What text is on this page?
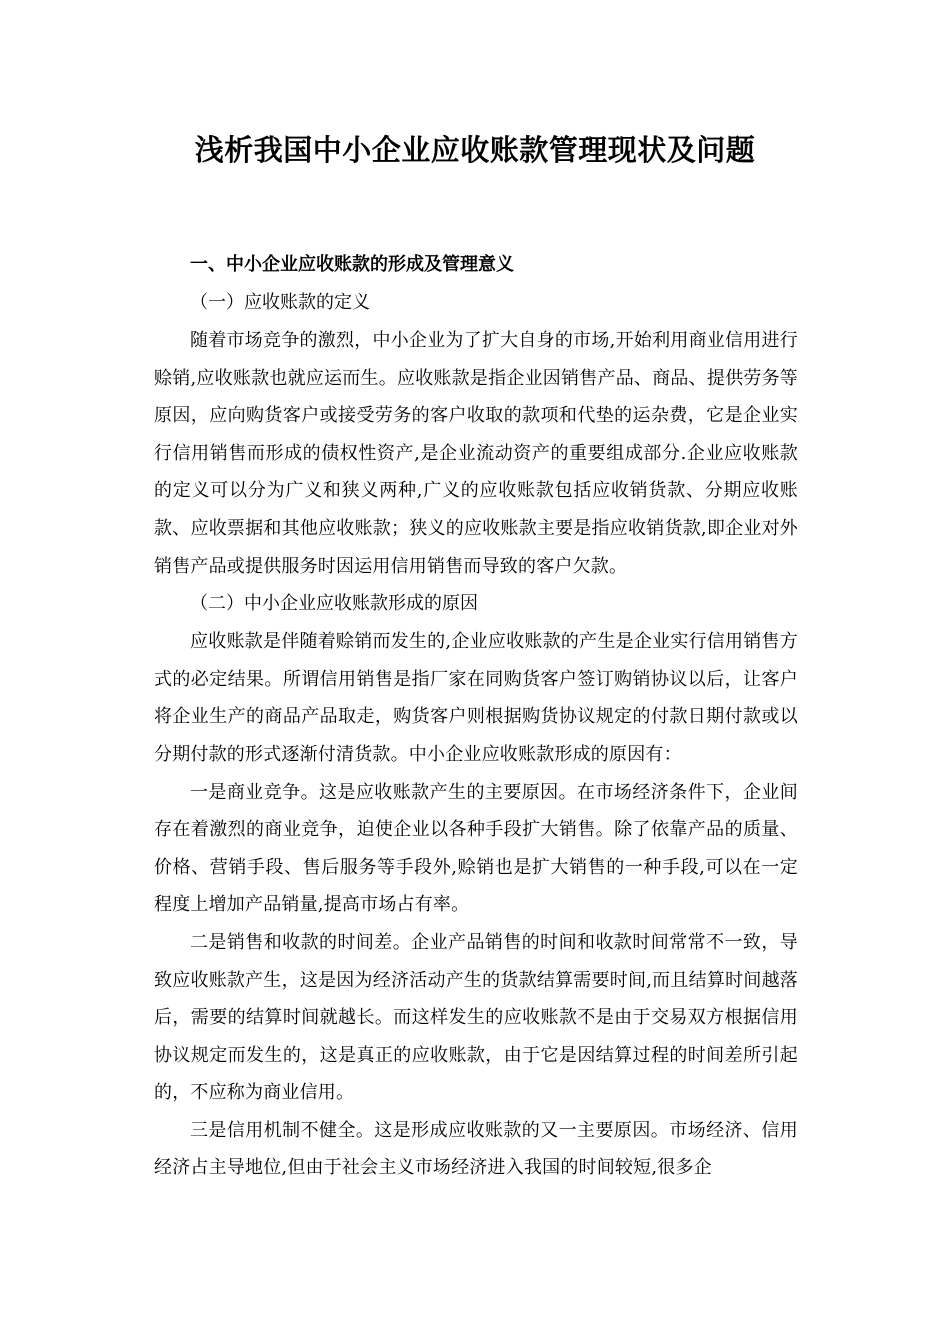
浅析我国中小企业应收账款管理现状及问题

一、中小企业应收账款的形成及管理意义

（一）应收账款的定义

随着市场竞争的激烈，中小企业为了扩大自身的市场,开始利用商业信用进行赊销,应收账款也就应运而生。应收账款是指企业因销售产品、商品、提供劳务等原因，应向购货客户或接受劳务的客户收取的款项和代垫的运杂费，它是企业实行信用销售而形成的债权性资产,是企业流动资产的重要组成部分.企业应收账款的定义可以分为广义和狭义两种,广义的应收账款包括应收销货款、分期应收账款、应收票据和其他应收账款；狭义的应收账款主要是指应收销货款,即企业对外销售产品或提供服务时因运用信用销售而导致的客户欠款。

（二）中小企业应收账款形成的原因

应收账款是伴随着赊销而发生的,企业应收账款的产生是企业实行信用销售方式的必定结果。所谓信用销售是指厂家在同购货客户签订购销协议以后，让客户将企业生产的商品产品取走，购货客户则根据购货协议规定的付款日期付款或以分期付款的形式逐渐付清货款。中小企业应收账款形成的原因有：

一是商业竞争。这是应收账款产生的主要原因。在市场经济条件下，企业间存在着激烈的商业竞争，迫使企业以各种手段扩大销售。除了依靠产品的质量、价格、营销手段、售后服务等手段外,赊销也是扩大销售的一种手段,可以在一定程度上增加产品销量,提高市场占有率。

二是销售和收款的时间差。企业产品销售的时间和收款时间常常不一致，导致应收账款产生，这是因为经济活动产生的货款结算需要时间,而且结算时间越落后，需要的结算时间就越长。而这样发生的应收账款不是由于交易双方根据信用协议规定而发生的，这是真正的应收账款，由于它是因结算过程的时间差所引起的，不应称为商业信用。

三是信用机制不健全。这是形成应收账款的又一主要原因。市场经济、信用经济占主导地位,但由于社会主义市场经济进入我国的时间较短,很多企
